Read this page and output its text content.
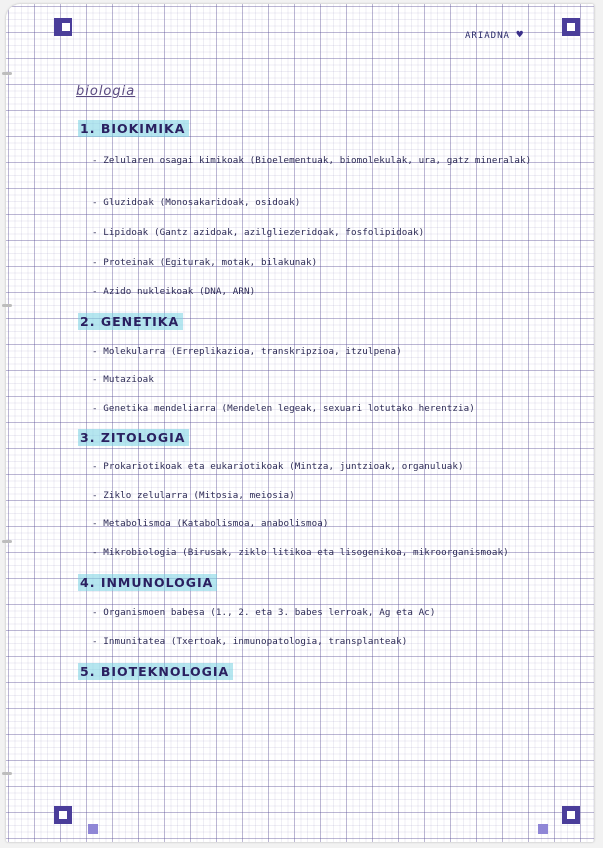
ARIADNA ♥
biologia
1. BIOKIMIKA
- Zelularen osagai kimikoak (Bioelementuak, biomolekulak, ura, gatz mineralak)
- Gluzidoak (Monosakaridoak, osidoak)
- Lipidoak (Gantz azidoak, azilgliezeridoak, fosfolipidoak)
- Proteinak (Egiturak, motak, bilakunak)
- Azido nukleikoak (DNA, ARN)
2. GENETIKA
- Molekularra (Erreplikazioa, transkripzioa, itzulpena)
- Mutazioak
- Genetika mendeliarra (Mendelen legeak, sexuari lotutako herentzia)
3. ZITOLOGIA
- Prokariotikoak eta eukariotikoak (Mintza, juntzioak, organuluak)
- Ziklo zelularra (Mitosia, meiosia)
- Metabolismoa (Katabolismoa, anabolismoa)
- Mikrobiologia (Birusak, ziklo litikoa eta lisogenikoa, mikroorganismoak)
4. INMUNOLOGIA
- Organismoen babesa (1., 2. eta 3. babes lerroak, Ag eta Ac)
- Inmunitatea (Txertoak, inmunopatologia, transplanteak)
5. BIOTEKNOLOGIA
